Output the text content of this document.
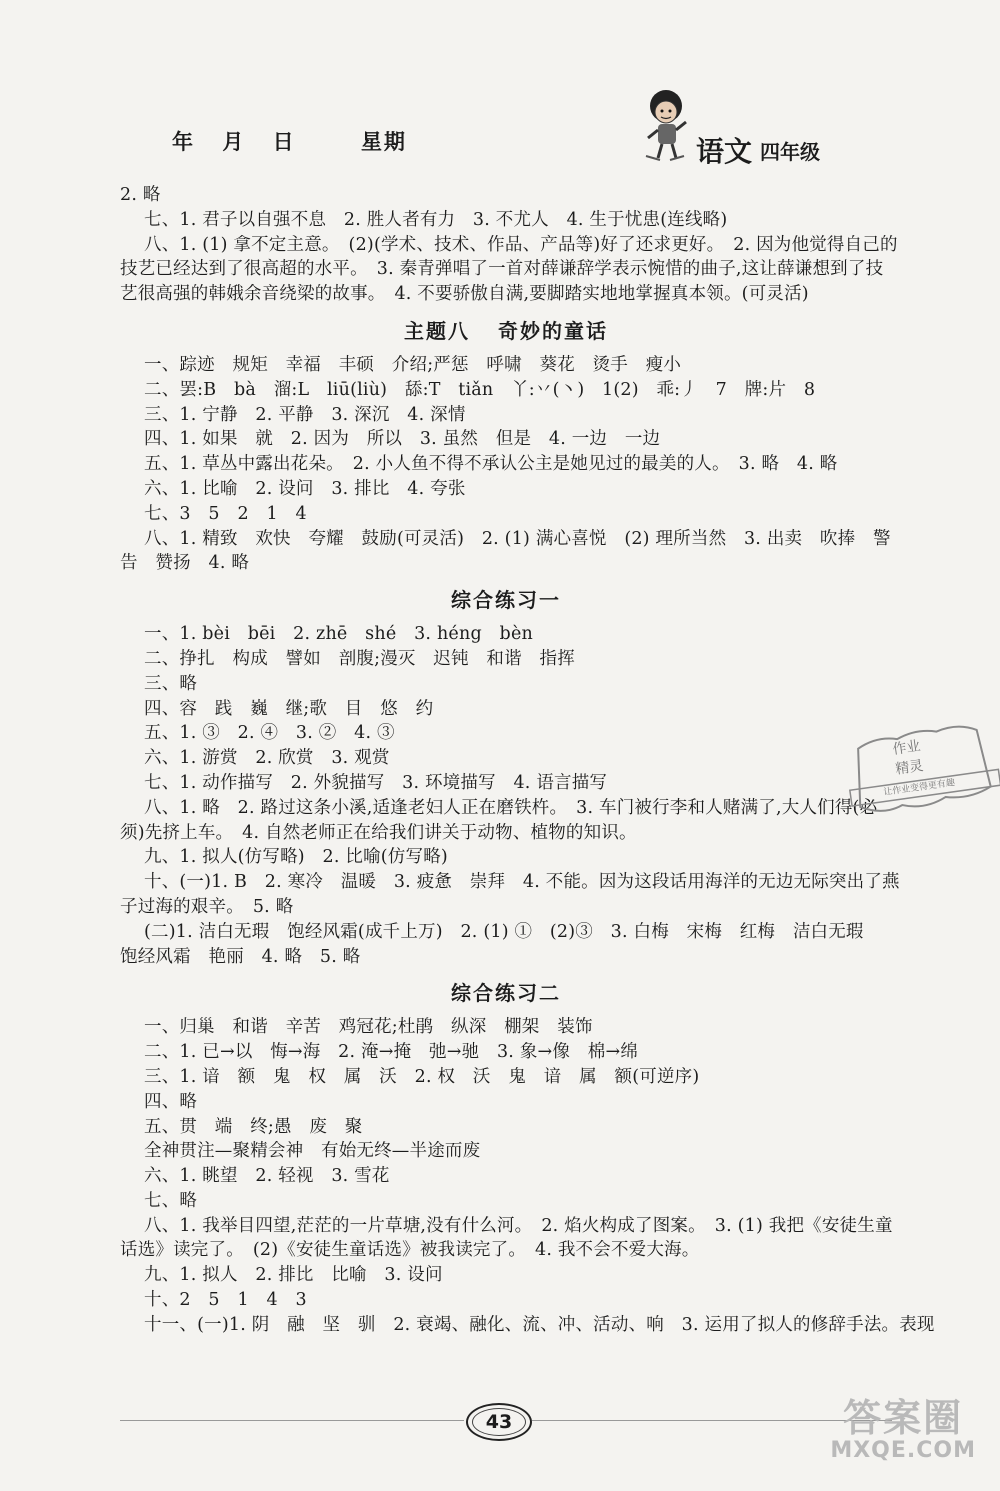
年 月 日	星期	语文 四年级
2. 略
七、1. 君子以自强不息　2. 胜人者有力　3. 不尤人　4. 生于忧患(连线略)
八、1. (1) 拿不定主意。　(2)(学术、技术、作品、产品等)好了还求更好。　2. 因为他觉得自己的
技艺已经达到了很高超的水平。　3. 秦青弹唱了一首对薛谦辞学表示惋惜的曲子,这让薛谦想到了技
艺很高强的韩娥余音绕梁的故事。　4. 不要骄傲自满,要脚踏实地地掌握真本领。(可灵活)
主题八 奇妙的童话
一、踪迹　规矩　幸福　丰硕　介绍;严惩　呼啸　葵花　烫手　瘦小
二、罢:B　bà　溜:L　liū(liù)　舔:T　tiǎn　丫:丷(丶)　1(2)　乖:丿　7　牌:片　8
三、1. 宁静　2. 平静　3. 深沉　4. 深情
四、1. 如果　就　2. 因为　所以　3. 虽然　但是　4. 一边　一边
五、1. 草丛中露出花朵。　2. 小人鱼不得不承认公主是她见过的最美的人。　3. 略　4. 略
六、1. 比喻　2. 设问　3. 排比　4. 夸张
七、3　5　2　1　4
八、1. 精致　欢快　夸耀　鼓励(可灵活)　2. (1) 满心喜悦　(2) 理所当然　3. 出卖　吹捧　警
告　赞扬　4. 略
综合练习一
一、1. bèi　bēi　2. zhē　shé　3. héng　bèn
二、挣扎　构成　譬如　剖腹;漫灭　迟钝　和谐　指挥
三、略
四、容　践　巍　继;歌　目　悠　约
五、1. ③　2. ④　3. ②　4. ③
六、1. 游赏　2. 欣赏　3. 观赏
七、1. 动作描写　2. 外貌描写　3. 环境描写　4. 语言描写
八、1. 略　2. 路过这条小溪,适逢老妇人正在磨铁杵。　3. 车门被行李和人赌满了,大人们得(必
须)先挤上车。　4. 自然老师正在给我们讲关于动物、植物的知识。
九、1. 拟人(仿写略)　2. 比喻(仿写略)
十、(一)1. B　2. 寒冷　温暖　3. 疲惫　崇拜　4. 不能。因为这段话用海洋的无边无际突出了燕
子过海的艰辛。　5. 略
(二)1. 洁白无瑕　饱经风霜(成千上万)　2. (1) ①　(2)③　3. 白梅　宋梅　红梅　洁白无瑕
饱经风霜　艳丽　4. 略　5. 略
综合练习二
一、归巢　和谐　辛苦　鸡冠花;杜鹃　纵深　棚架　装饰
二、1. 已→以　悔→海　2. 淹→掩　弛→驰　3. 象→像　棉→绵
三、1. 谙　额　鬼　权　属　沃　2. 权　沃　鬼　谙　属　额(可逆序)
四、略
五、贯　端　终;愚　废　聚
全神贯注—聚精会神　有始无终—半途而废
六、1. 眺望　2. 轻视　3. 雪花
七、略
八、1. 我举目四望,茫茫的一片草塘,没有什么河。　2. 焰火构成了图案。　3. (1) 我把《安徒生童
话选》读完了。　(2)《安徒生童话选》被我读完了。　4. 我不会不爱大海。
九、1. 拟人　2. 排比　比喻　3. 设问
十、2　5　1　4　3
十一、(一)1. 阴　融　坚　驯　2. 衰竭、融化、流、冲、活动、响　3. 运用了拟人的修辞手法。表现
43
作业
精灵
让作业变得更有趣
答案圈
MXQE.COM
